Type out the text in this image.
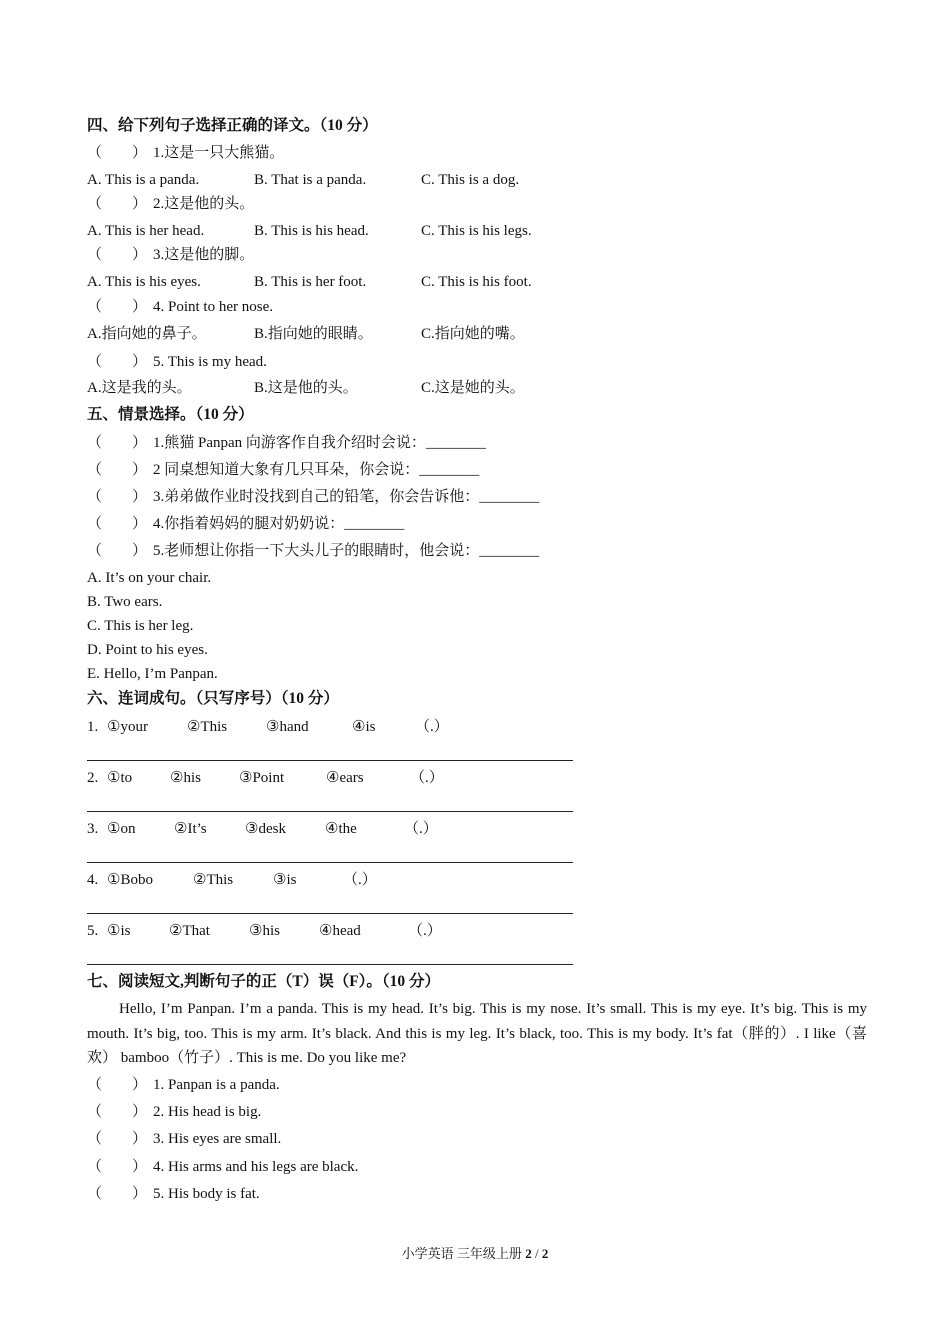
四、给下列句子选择正确的译文。（10 分）
（　　） 1.这是一只大熊猫。
A. This is a panda.	B. That is a panda.	C. This is a dog.
（　　） 2.这是他的头。
A. This is her head.	B. This is his head.	C. This is his legs.
（　　） 3.这是他的脚。
A. This is his eyes.	B. This is her foot.	C. This is his foot.
（　　） 4. Point to her nose.
A.指向她的鼻子。	B.指向她的眼睛。	C.指向她的嘴。
（　　） 5. This is my head.
A.这是我的头。	B.这是他的头。	C.这是她的头。
五、情景选择。（10 分）
（　　） 1.熊猫 Panpan 向游客作自我介绍时会说：________
（　　） 2 同桌想知道大象有几只耳朵，你会说：________
（　　） 3.弟弟做作业时没找到自己的铅笔，你会告诉他：________
（　　） 4.你指着妈妈的腿对奶奶说：________
（　　） 5.老师想让你指一下大头儿子的眼睛时，他会说：________
A. It’s on your chair.
B. Two ears.
C. This is her leg.
D. Point to his eyes.
E. Hello, I’m Panpan.
六、连词成句。（只写序号）（10 分）
1. ①your	②This	③hand	④is	（.）
2. ①to	②his	③Point	④ears	（.）
3. ①on	②It’s	③desk	④the	（.）
4. ①Bobo	②This	③is	（.）
5. ①is	②That	③his	④head	（.）
七、阅读短文,判断句子的正（T）误（F）。（10 分）
Hello, I’m Panpan. I’m a panda. This is my head. It’s big. This is my nose. It’s small. This is my eye. It’s big. This is my mouth. It’s big, too. This is my arm. It’s black. And this is my leg. It’s black, too. This is my body. It’s fat（胖的）. I like（喜欢） bamboo（竹子）. This is me. Do you like me?
（　　） 1. Panpan is a panda.
（　　） 2. His head is big.
（　　） 3. His eyes are small.
（　　） 4. His arms and his legs are black.
（　　） 5. His body is fat.
小学英语 三年级上册 2 / 2
